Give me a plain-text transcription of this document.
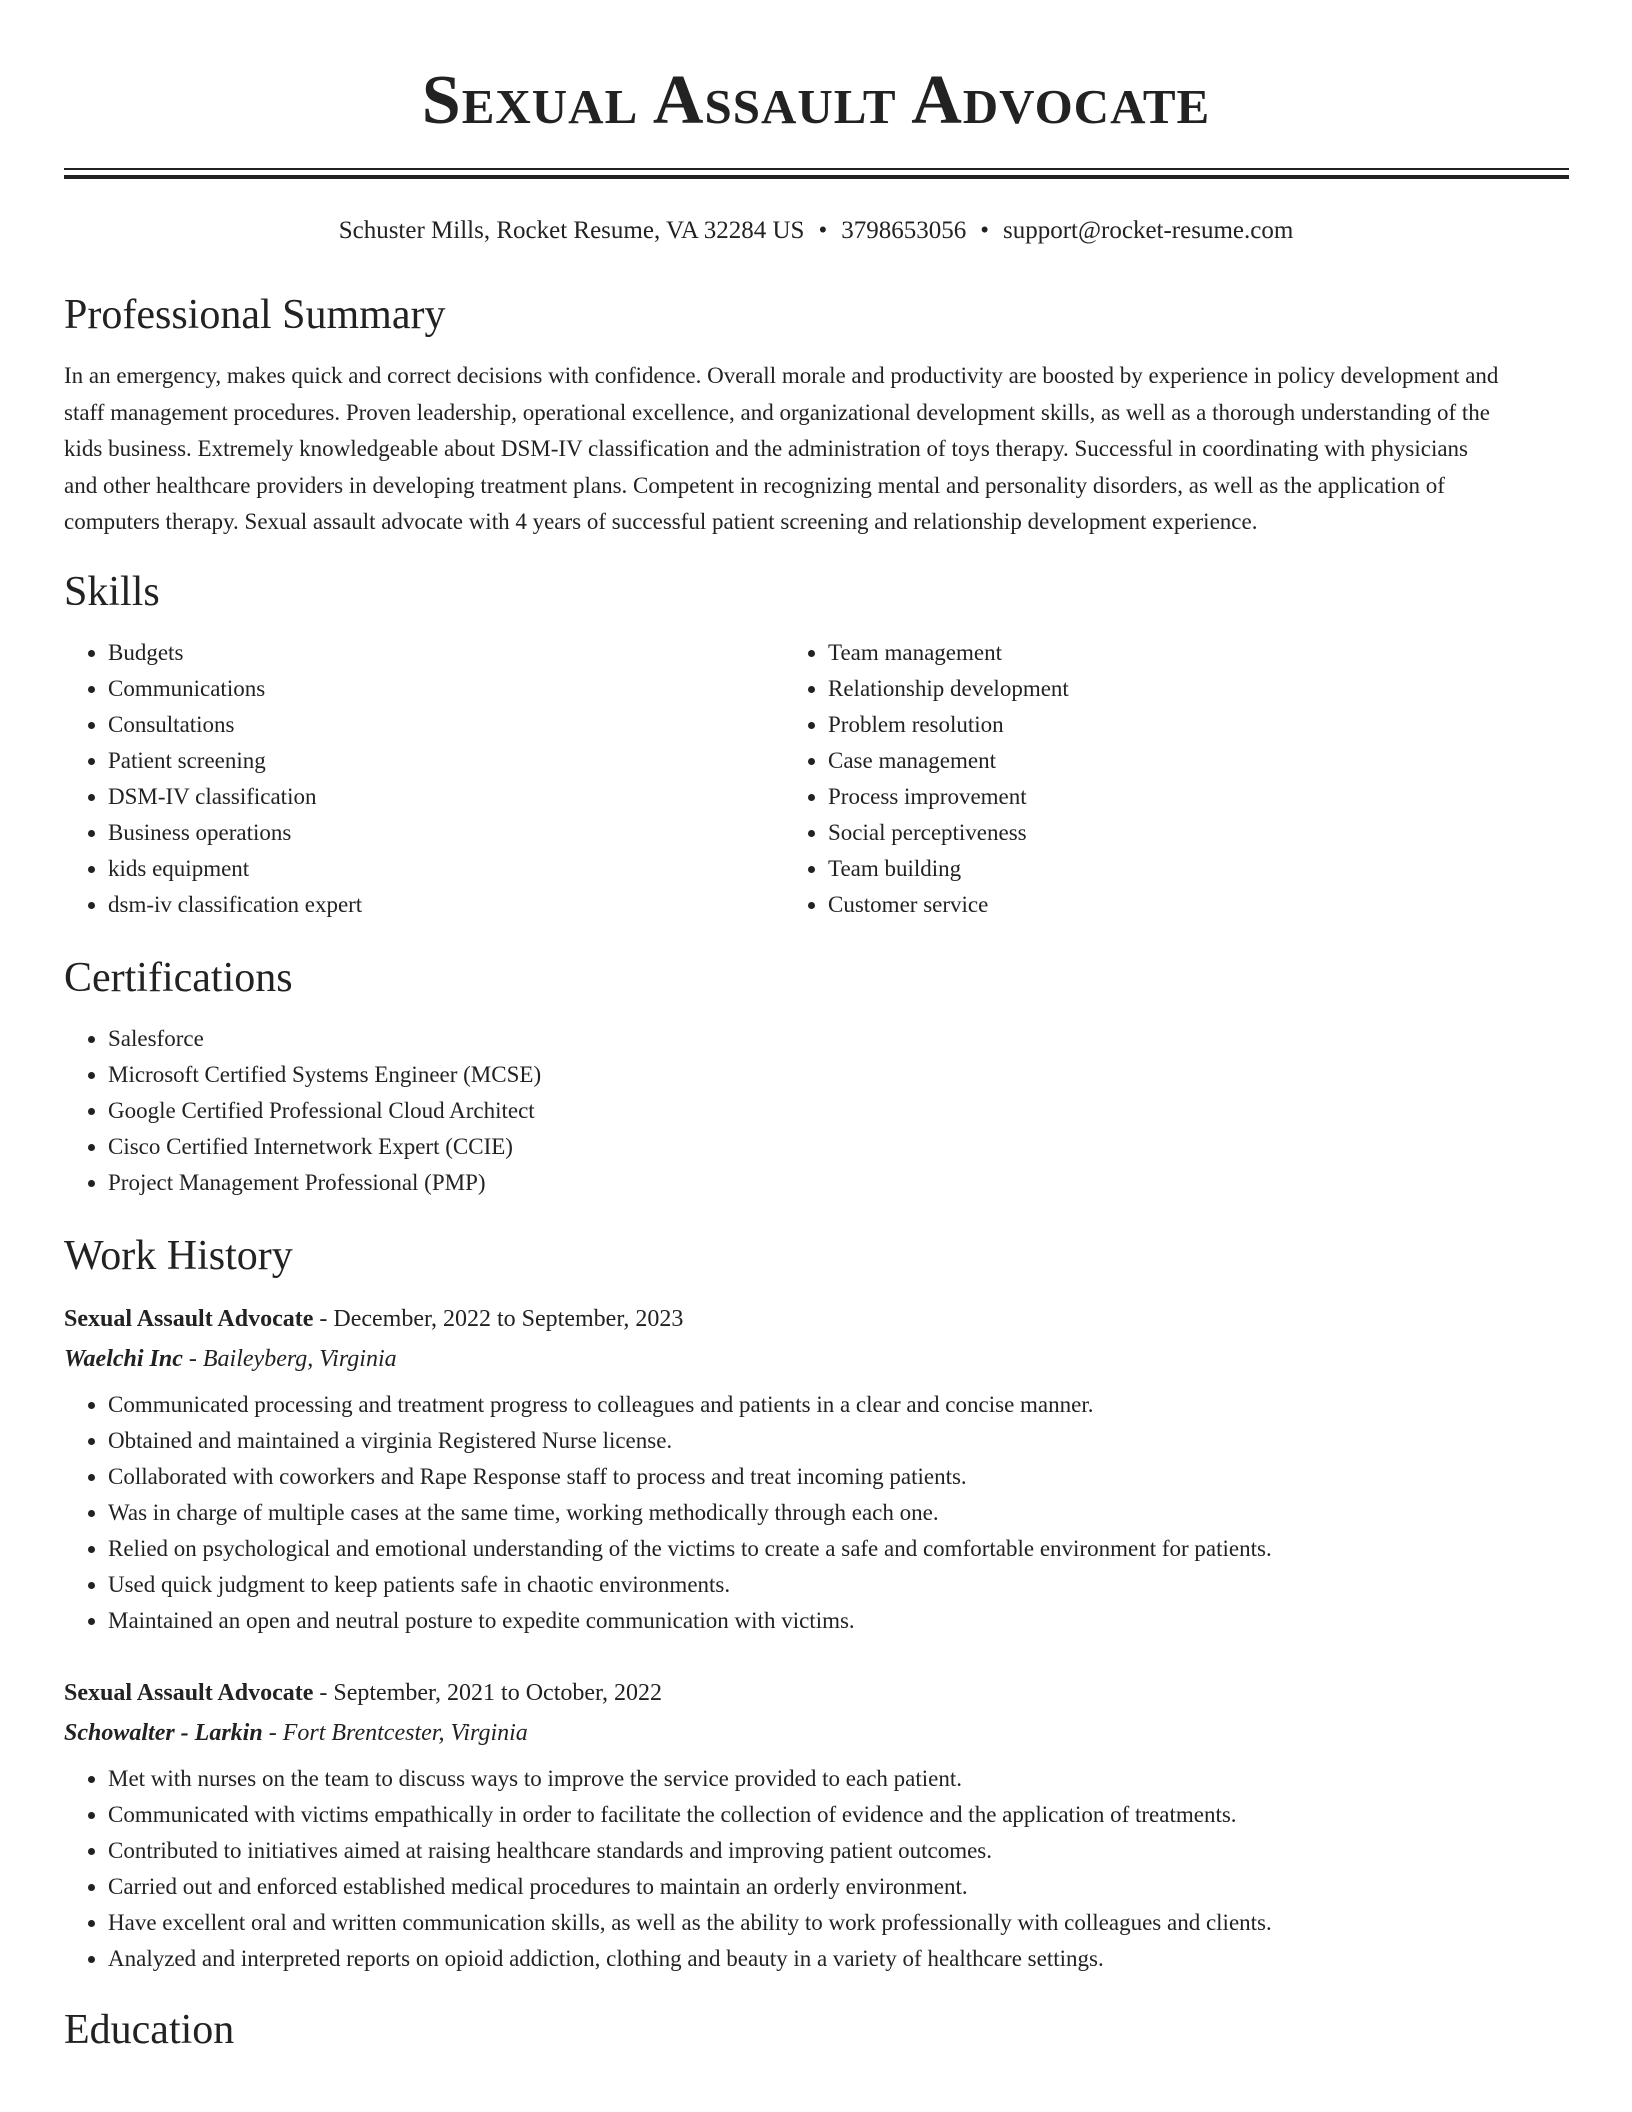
Sexual Assault Advocate
Schuster Mills, Rocket Resume, VA 32284 US • 3798653056 • support@rocket-resume.com
Professional Summary

In an emergency, makes quick and correct decisions with confidence. Overall morale and productivity are boosted by experience in policy development and staff management procedures. Proven leadership, operational excellence, and organizational development skills, as well as a thorough understanding of the kids business. Extremely knowledgeable about DSM-IV classification and the administration of toys therapy. Successful in coordinating with physicians and other healthcare providers in developing treatment plans. Competent in recognizing mental and personality disorders, as well as the application of computers therapy. Sexual assault advocate with 4 years of successful patient screening and relationship development experience.

Skills
• Budgets
• Communications
• Consultations
• Patient screening
• DSM-IV classification
• Business operations
• kids equipment
• dsm-iv classification expert
• Team management
• Relationship development
• Problem resolution
• Case management
• Process improvement
• Social perceptiveness
• Team building
• Customer service
Certifications
• Salesforce
• Microsoft Certified Systems Engineer (MCSE)
• Google Certified Professional Cloud Architect
• Cisco Certified Internetwork Expert (CCIE)
• Project Management Professional (PMP)
Work History
Sexual Assault Advocate - December, 2022 to September, 2023
Waelchi Inc - Baileyberg, Virginia
• Communicated processing and treatment progress to colleagues and patients in a clear and concise manner.
• Obtained and maintained a virginia Registered Nurse license.
• Collaborated with coworkers and Rape Response staff to process and treat incoming patients.
• Was in charge of multiple cases at the same time, working methodically through each one.
• Relied on psychological and emotional understanding of the victims to create a safe and comfortable environment for patients.
• Used quick judgment to keep patients safe in chaotic environments.
• Maintained an open and neutral posture to expedite communication with victims.
Sexual Assault Advocate - September, 2021 to October, 2022
Schowalter - Larkin - Fort Brentcester, Virginia
• Met with nurses on the team to discuss ways to improve the service provided to each patient.
• Communicated with victims empathically in order to facilitate the collection of evidence and the application of treatments.
• Contributed to initiatives aimed at raising healthcare standards and improving patient outcomes.
• Carried out and enforced established medical procedures to maintain an orderly environment.
• Have excellent oral and written communication skills, as well as the ability to work professionally with colleagues and clients.
• Analyzed and interpreted reports on opioid addiction, clothing and beauty in a variety of healthcare settings.
Education
